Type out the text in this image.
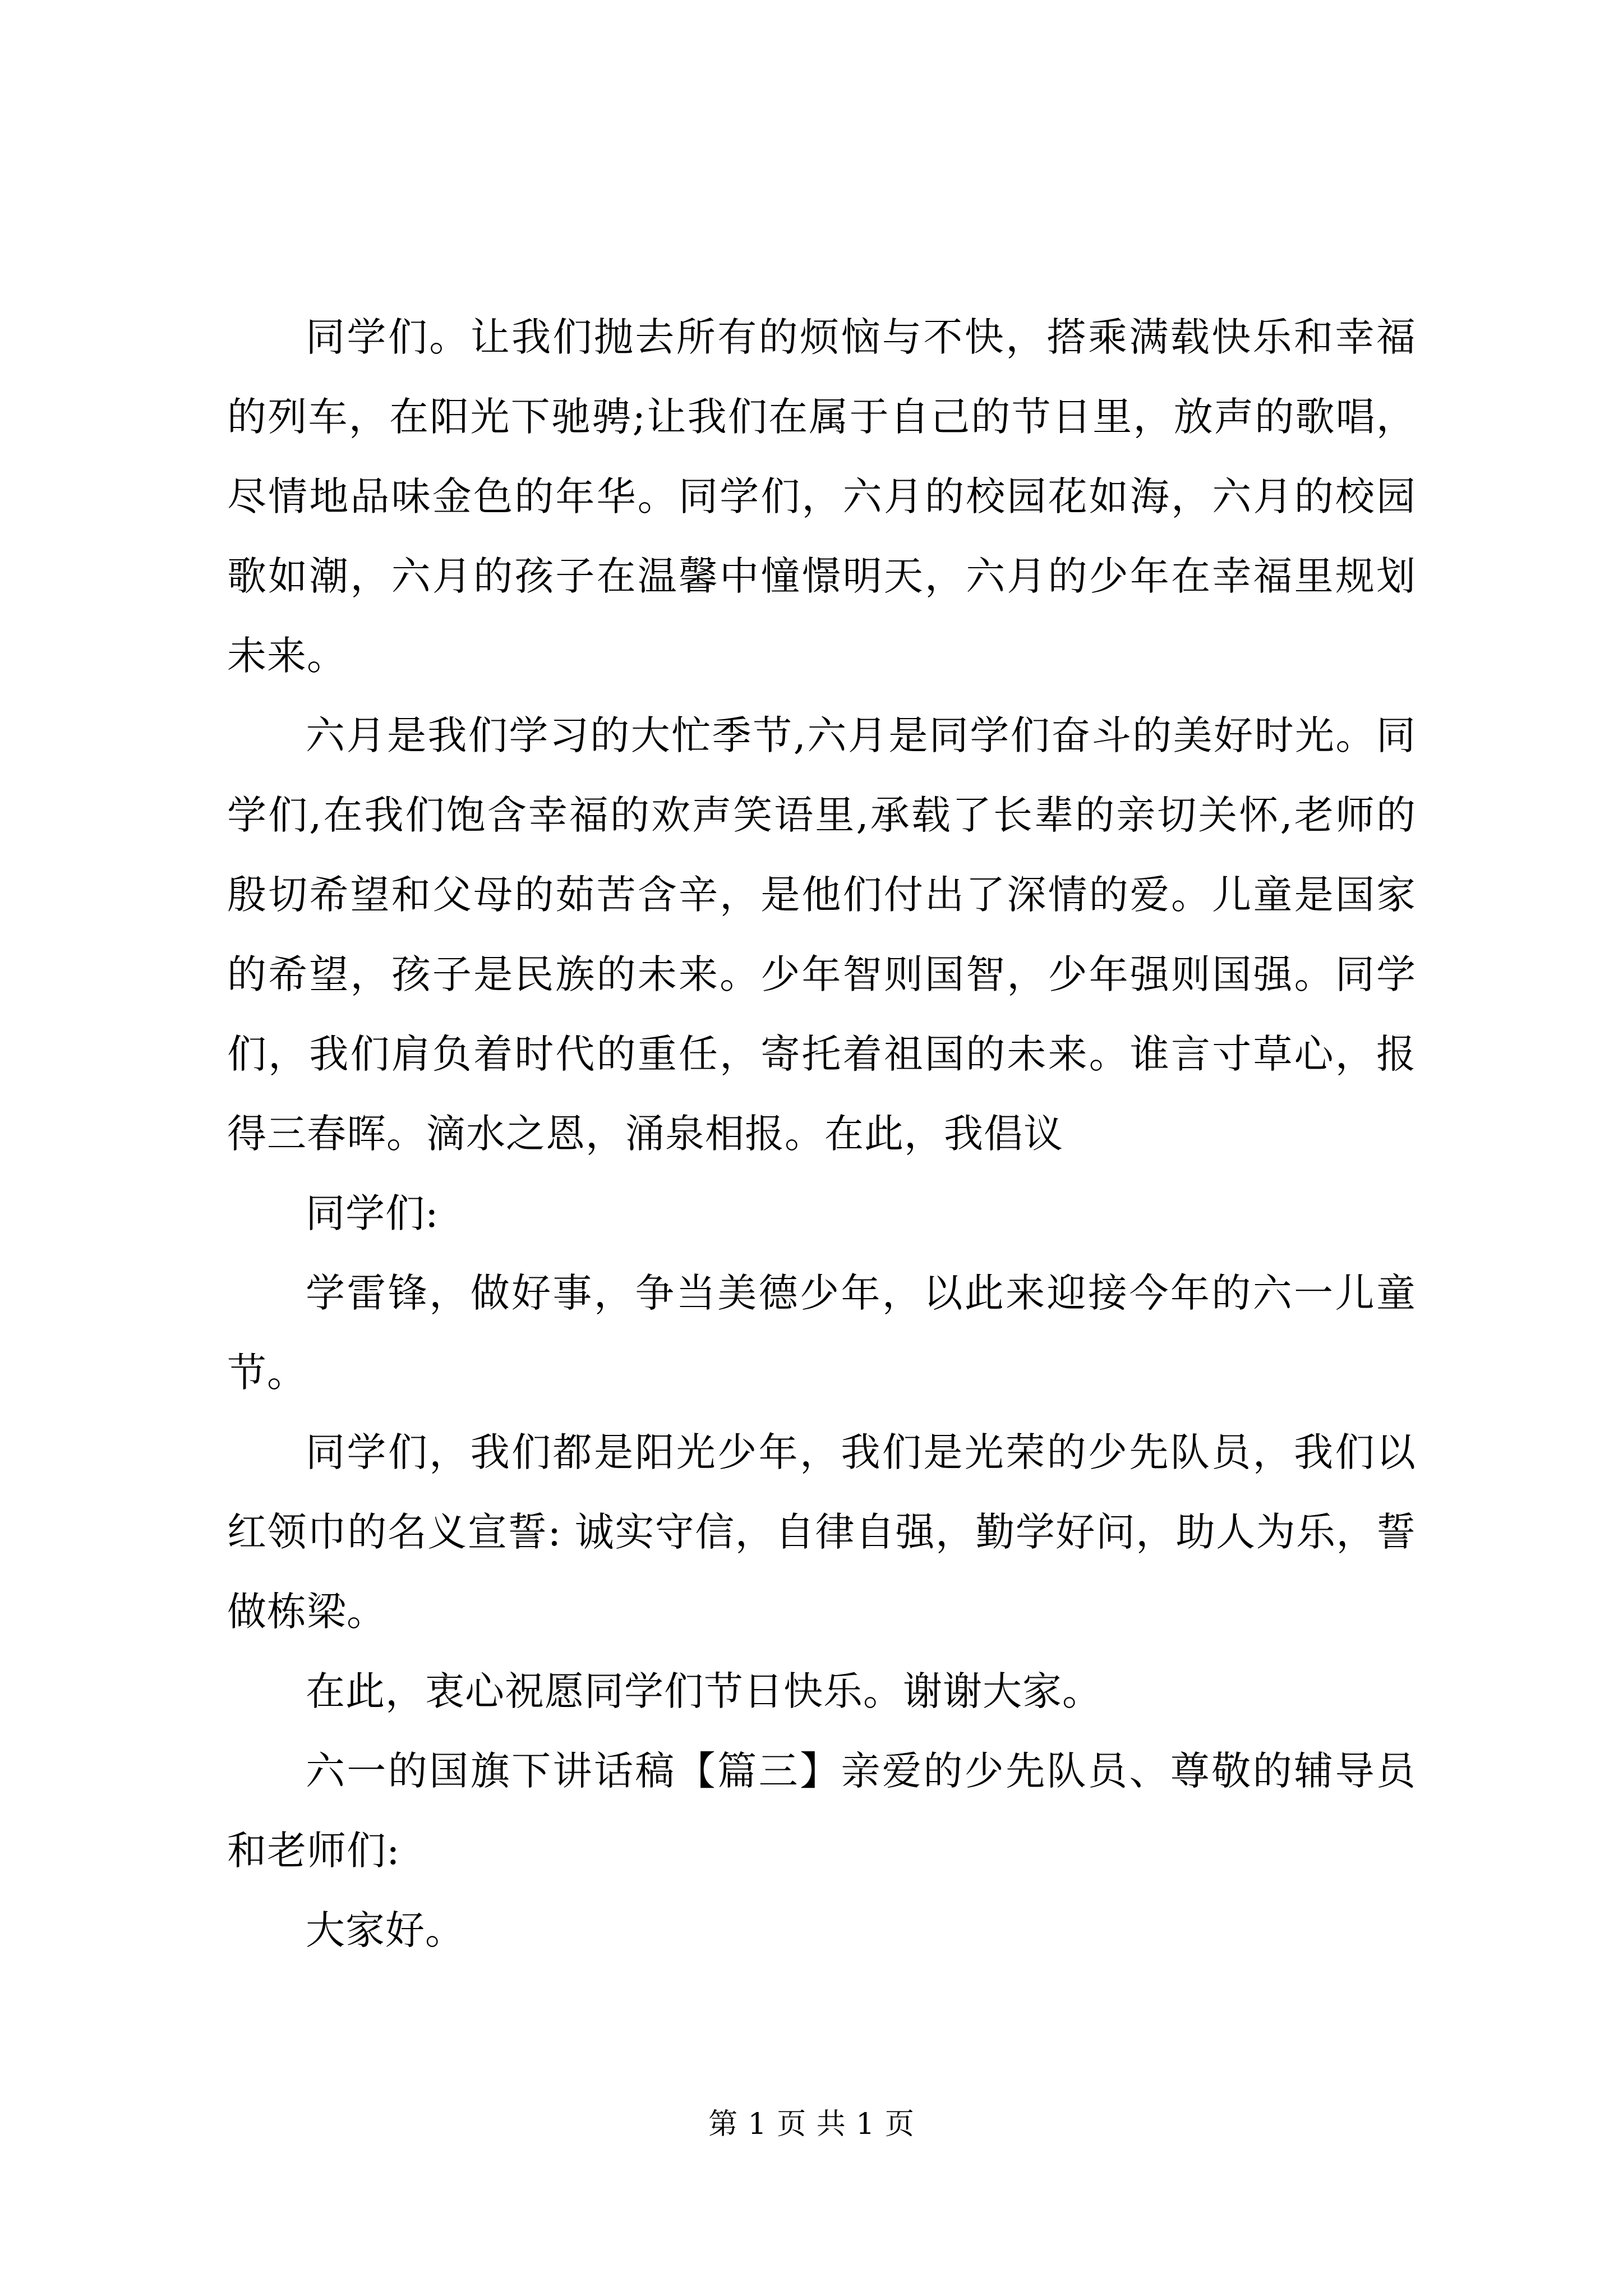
同学们。让我们抛去所有的烦恼与不快，搭乘满载快乐和幸福的列车，在阳光下驰骋;让我们在属于自己的节日里，放声的歌唱，尽情地品味金色的年华。同学们，六月的校园花如海，六月的校园歌如潮，六月的孩子在温馨中憧憬明天，六月的少年在幸福里规划未来。

六月是我们学习的大忙季节,六月是同学们奋斗的美好时光。同学们,在我们饱含幸福的欢声笑语里,承载了长辈的亲切关怀,老师的殷切希望和父母的茹苦含辛，是他们付出了深情的爱。儿童是国家的希望，孩子是民族的未来。少年智则国智，少年强则国强。同学们，我们肩负着时代的重任，寄托着祖国的未来。谁言寸草心，报得三春晖。滴水之恩，涌泉相报。在此，我倡议

同学们:

学雷锋，做好事，争当美德少年，以此来迎接今年的六一儿童节。

同学们，我们都是阳光少年，我们是光荣的少先队员，我们以红领巾的名义宣誓: 诚实守信，自律自强，勤学好问，助人为乐，誓做栋梁。

在此，衷心祝愿同学们节日快乐。谢谢大家。

六一的国旗下讲话稿【篇三】亲爱的少先队员、尊敬的辅导员和老师们:

大家好。

第 1 页 共 1 页
